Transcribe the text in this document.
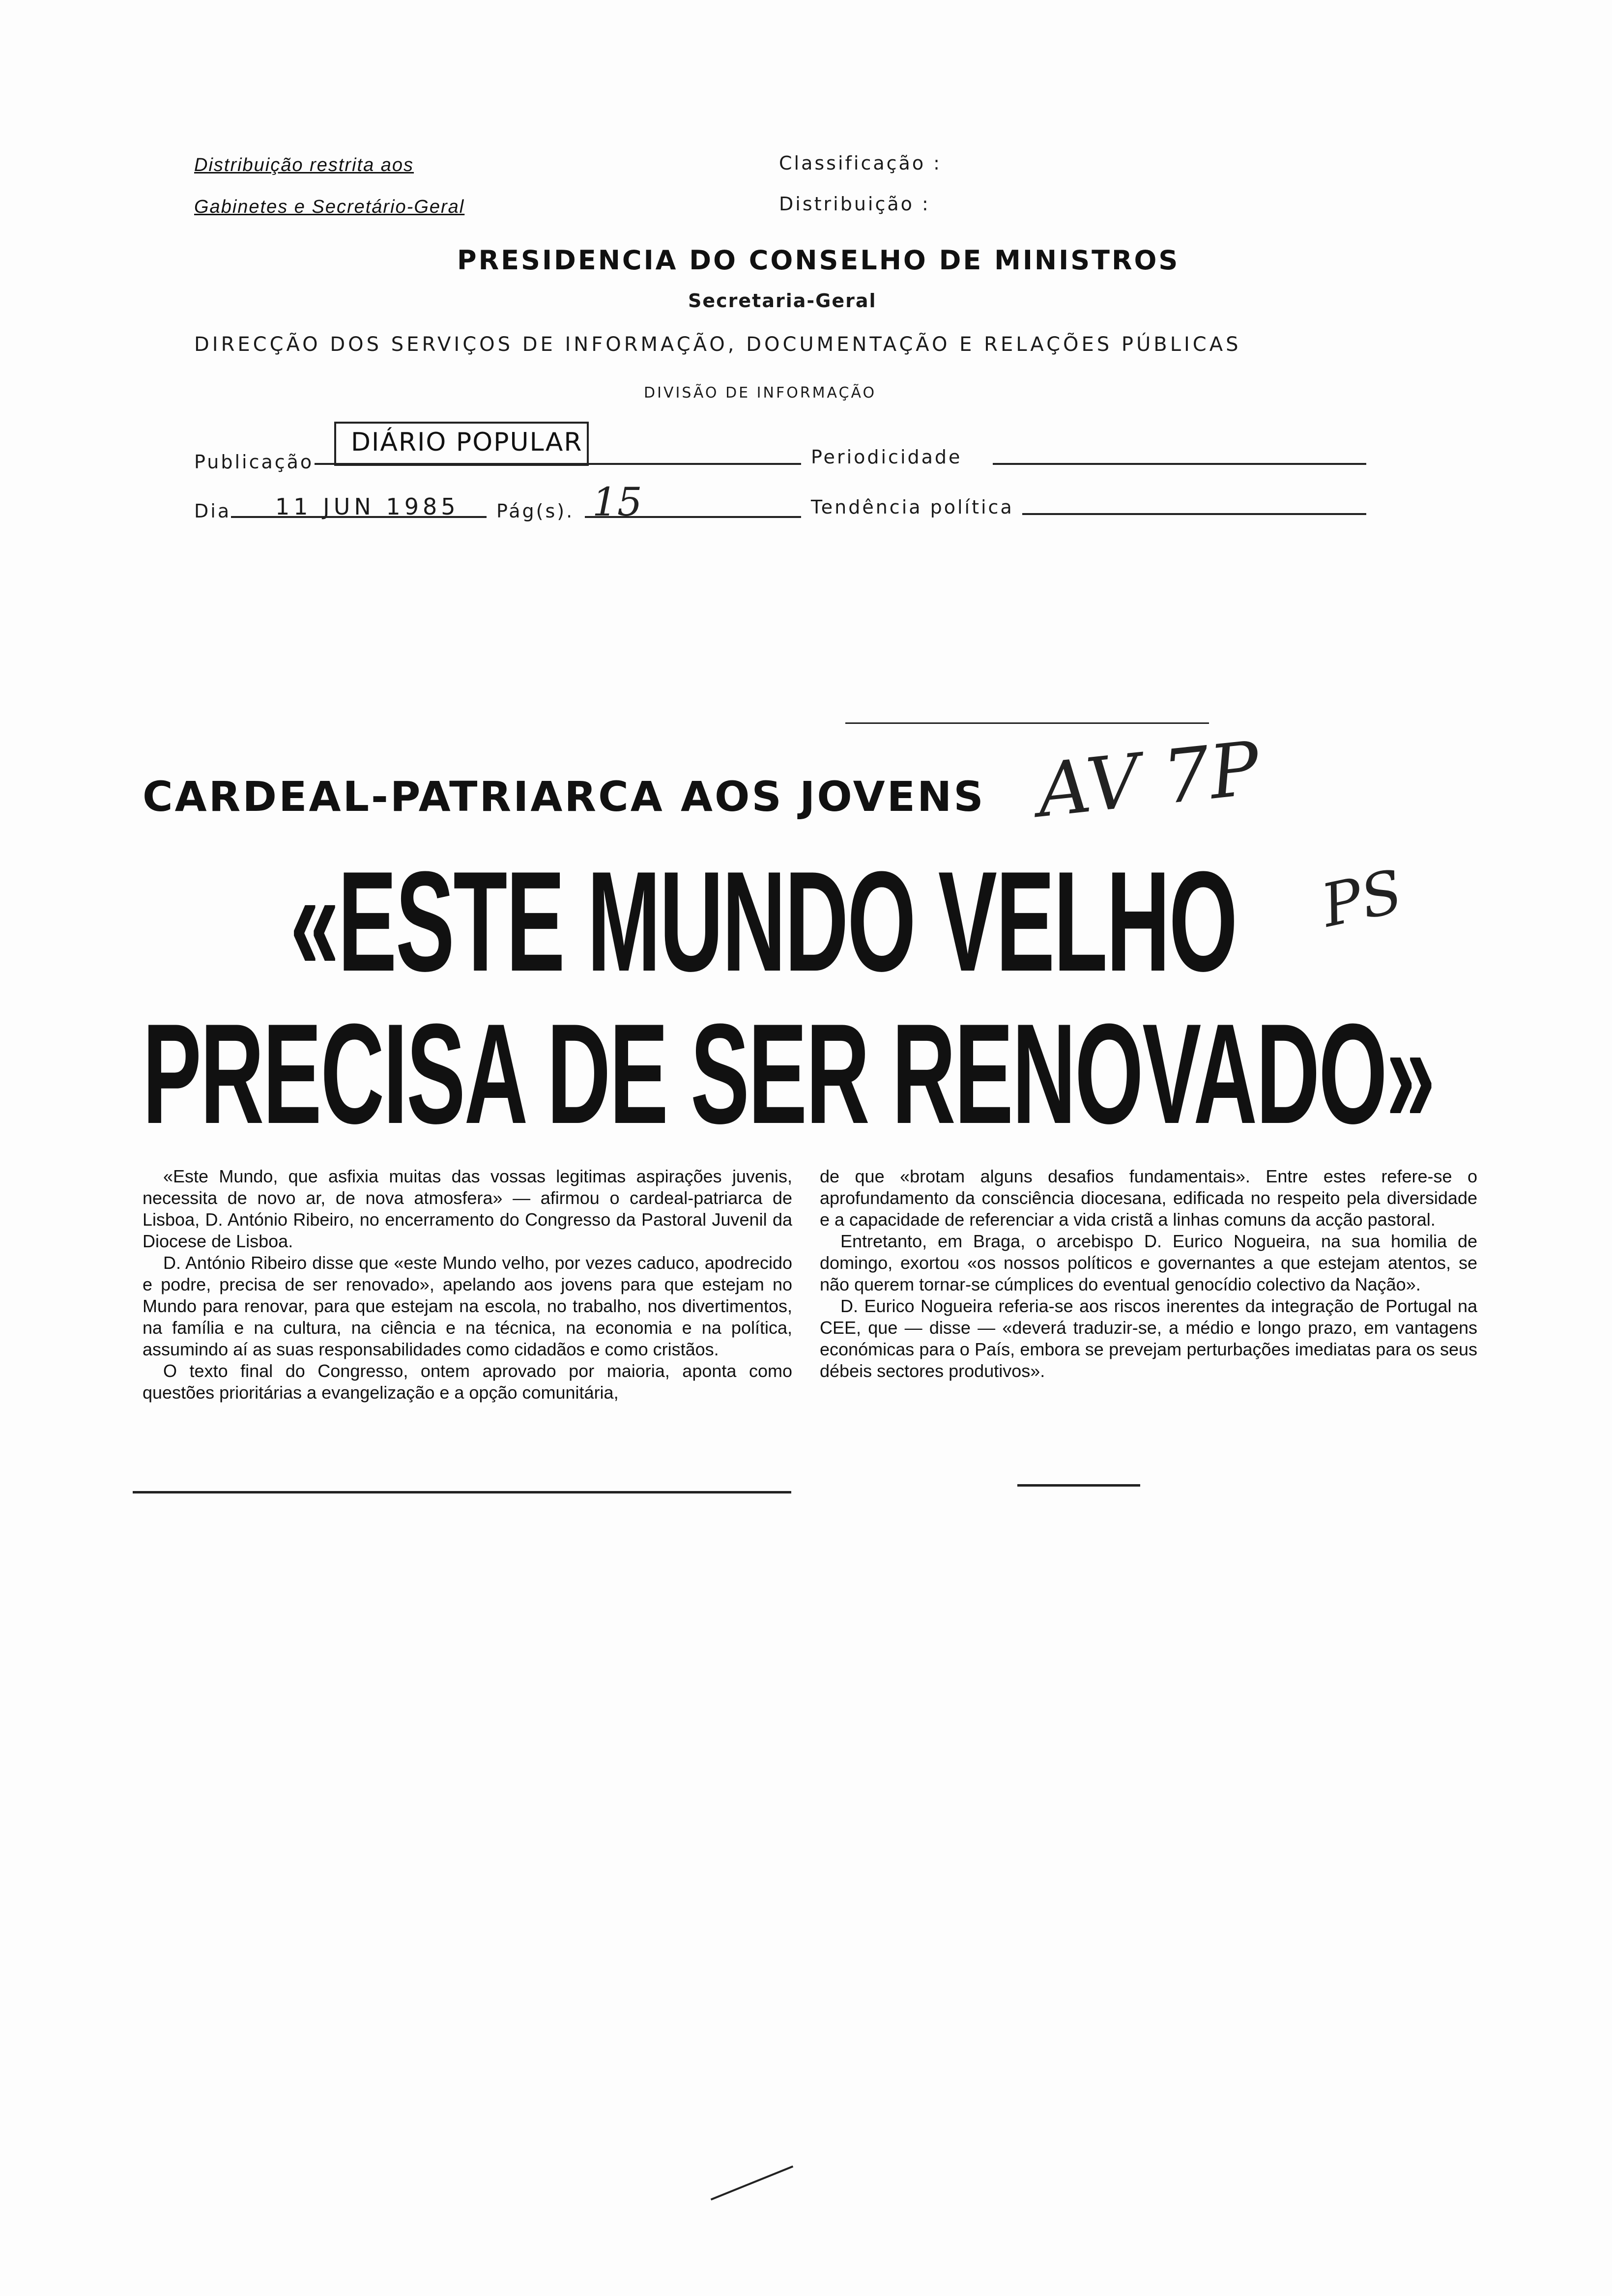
Distribuição restrita aos
Gabinetes e Secretário-Geral
Classificação :
Distribuição :
PRESIDENCIA DO CONSELHO DE MINISTROS
Secretaria-Geral
DIRECÇÃO DOS SERVIÇOS DE INFORMAÇÃO, DOCUMENTAÇÃO E RELAÇÕES PÚBLICAS
DIVISÃO DE INFORMAÇÃO
Publicação
DIÁRIO POPULAR	Periodicidade
Dia 11 JUN 1985 Pág(s). 15	Tendência política
CARDEAL-PATRIARCA AOS JOVENS
«ESTE MUNDO VELHO
PRECISA DE SER RENOVADO»
AV 7P
PS

«Este Mundo, que asfixia muitas das vossas legitimas aspirações juvenis, necessita de novo ar, de nova atmosfera» — afirmou o cardeal-patriarca de Lisboa, D. António Ribeiro, no encerramento do Congresso da Pastoral Juvenil da Diocese de Lisboa.

D. António Ribeiro disse que «este Mundo velho, por vezes caduco, apodrecido e podre, precisa de ser renovado», apelando aos jovens para que estejam no Mundo para renovar, para que estejam na escola, no trabalho, nos divertimentos, na família e na cultura, na ciência e na técnica, na economia e na política, assumindo aí as suas responsabilidades como cidadãos e como cristãos.

O texto final do Congresso, ontem aprovado por maioria, aponta como questões prioritárias a evangelização e a opção comunitária,

de que «brotam alguns desafios fundamentais». Entre estes refere-se o aprofundamento da consciência diocesana, edificada no respeito pela diversidade e a capacidade de referenciar a vida cristã a linhas comuns da acção pastoral.

Entretanto, em Braga, o arcebispo D. Eurico Nogueira, na sua homilia de domingo, exortou «os nossos políticos e governantes a que estejam atentos, se não querem tornar-se cúmplices do eventual genocídio colectivo da Nação».

D. Eurico Nogueira referia-se aos riscos inerentes da integração de Portugal na CEE, que — disse — «deverá traduzir-se, a médio e longo prazo, em vantagens económicas para o País, embora se prevejam perturbações imediatas para os seus débeis sectores produtivos».
